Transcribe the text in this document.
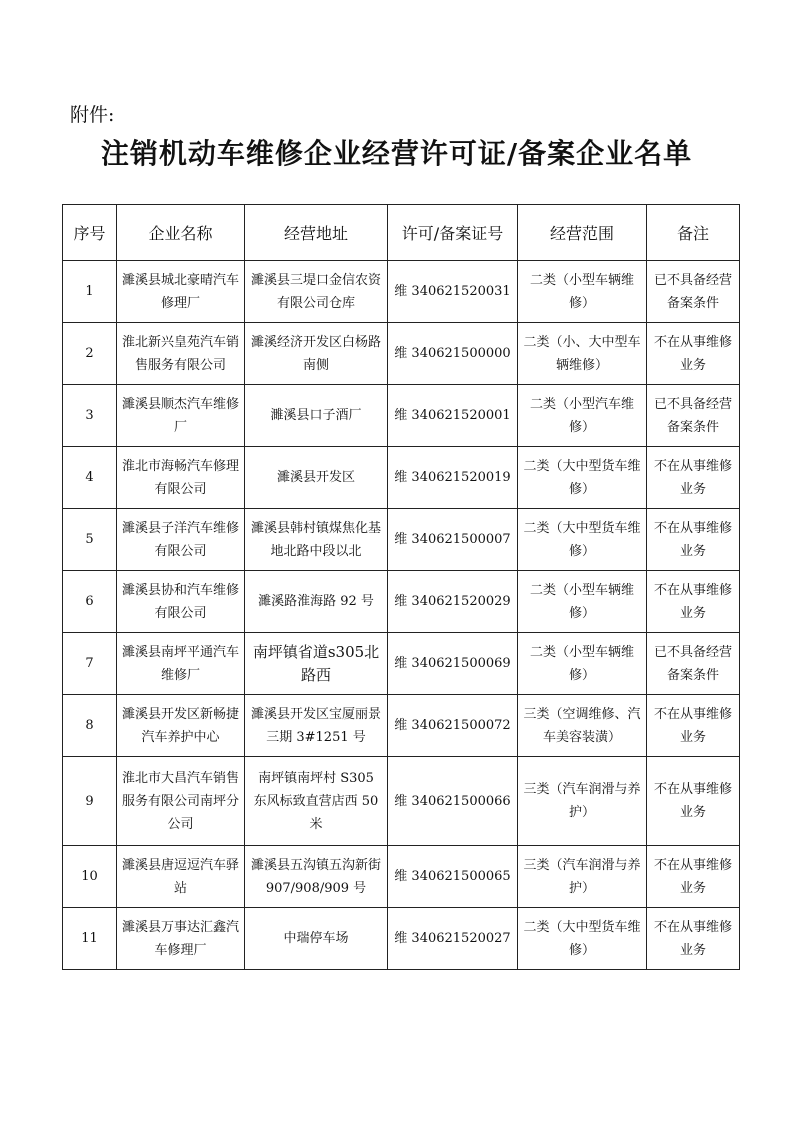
附件:
注销机动车维修企业经营许可证/备案企业名单
序号	企业名称	经营地址	许可/备案证号	经营范围	备注
1	濉溪县城北豪晴汽车修理厂	濉溪县三堤口金信农资有限公司仓库	维 340621520031	二类（小型车辆维修）	已不具备经营备案条件
2	淮北新兴皇苑汽车销售服务有限公司	濉溪经济开发区白杨路南侧	维 340621500000	二类（小、大中型车辆维修）	不在从事维修业务
3	濉溪县顺杰汽车维修厂	濉溪县口子酒厂	维 340621520001	二类（小型汽车维修）	已不具备经营备案条件
4	淮北市海畅汽车修理有限公司	濉溪县开发区	维 340621520019	二类（大中型货车维修）	不在从事维修业务
5	濉溪县子洋汽车维修有限公司	濉溪县韩村镇煤焦化基地北路中段以北	维 340621500007	二类（大中型货车维修）	不在从事维修业务
6	濉溪县协和汽车维修有限公司	濉溪路淮海路 92 号	维 340621520029	二类（小型车辆维修）	不在从事维修业务
7	濉溪县南坪平通汽车维修厂	南坪镇省道s305北路西	维 340621500069	二类（小型车辆维修）	已不具备经营备案条件
8	濉溪县开发区新畅捷汽车养护中心	濉溪县开发区宝厦丽景三期 3#1251 号	维 340621500072	三类（空调维修、汽车美容装潢）	不在从事维修业务
9	淮北市大昌汽车销售服务有限公司南坪分公司	南坪镇南坪村 S305 东风标致直营店西 50 米	维 340621500066	三类（汽车润滑与养护）	不在从事维修业务
10	濉溪县唐逗逗汽车驿站	濉溪县五沟镇五沟新街 907/908/909 号	维 340621500065	三类（汽车润滑与养护）	不在从事维修业务
11	濉溪县万事达汇鑫汽车修理厂	中瑞停车场	维 340621520027	二类（大中型货车维修）	不在从事维修业务
